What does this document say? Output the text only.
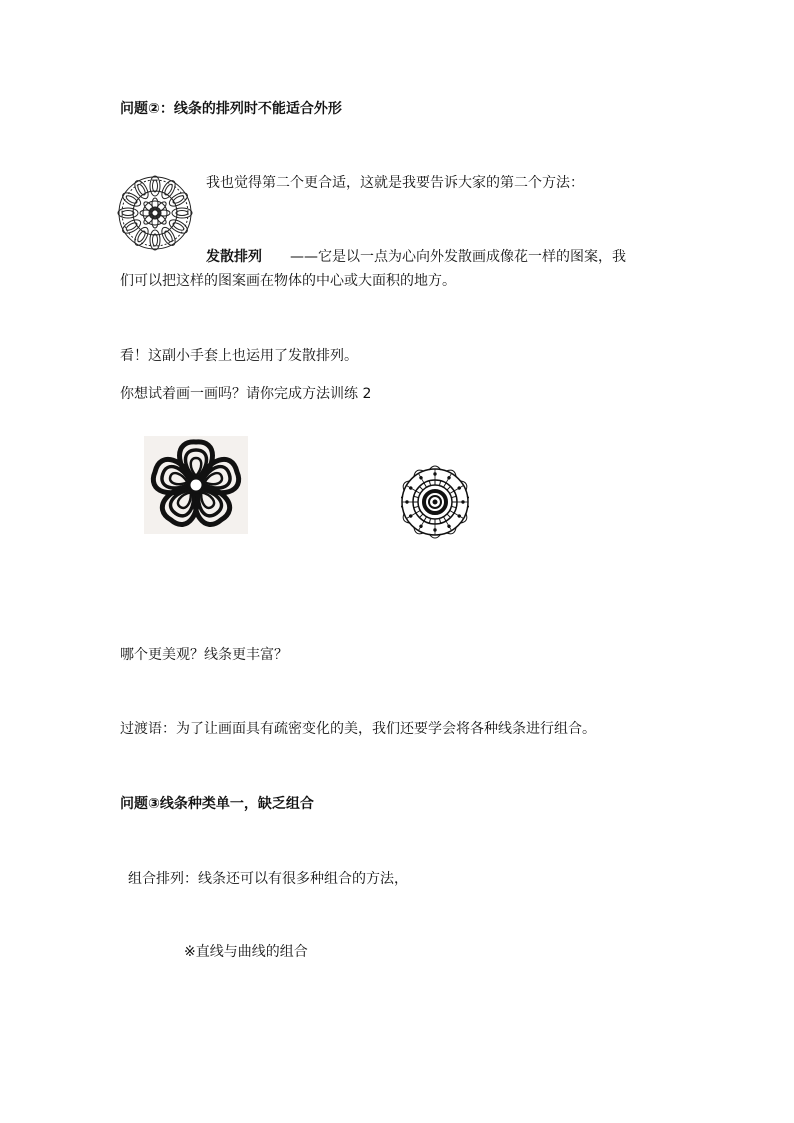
问题②：线条的排列时不能适合外形
我也觉得第二个更合适，这就是我要告诉大家的第二个方法：
发散排列 ——它是以一点为心向外发散画成像花一样的图案，我
们可以把这样的图案画在物体的中心或大面积的地方。
看！这副小手套上也运用了发散排列。
你想试着画一画吗？请你完成方法训练 2
哪个更美观？线条更丰富？
过渡语：为了让画面具有疏密变化的美，我们还要学会将各种线条进行组合。
问题③线条种类单一，缺乏组合
组合排列：线条还可以有很多种组合的方法，
※直线与曲线的组合
